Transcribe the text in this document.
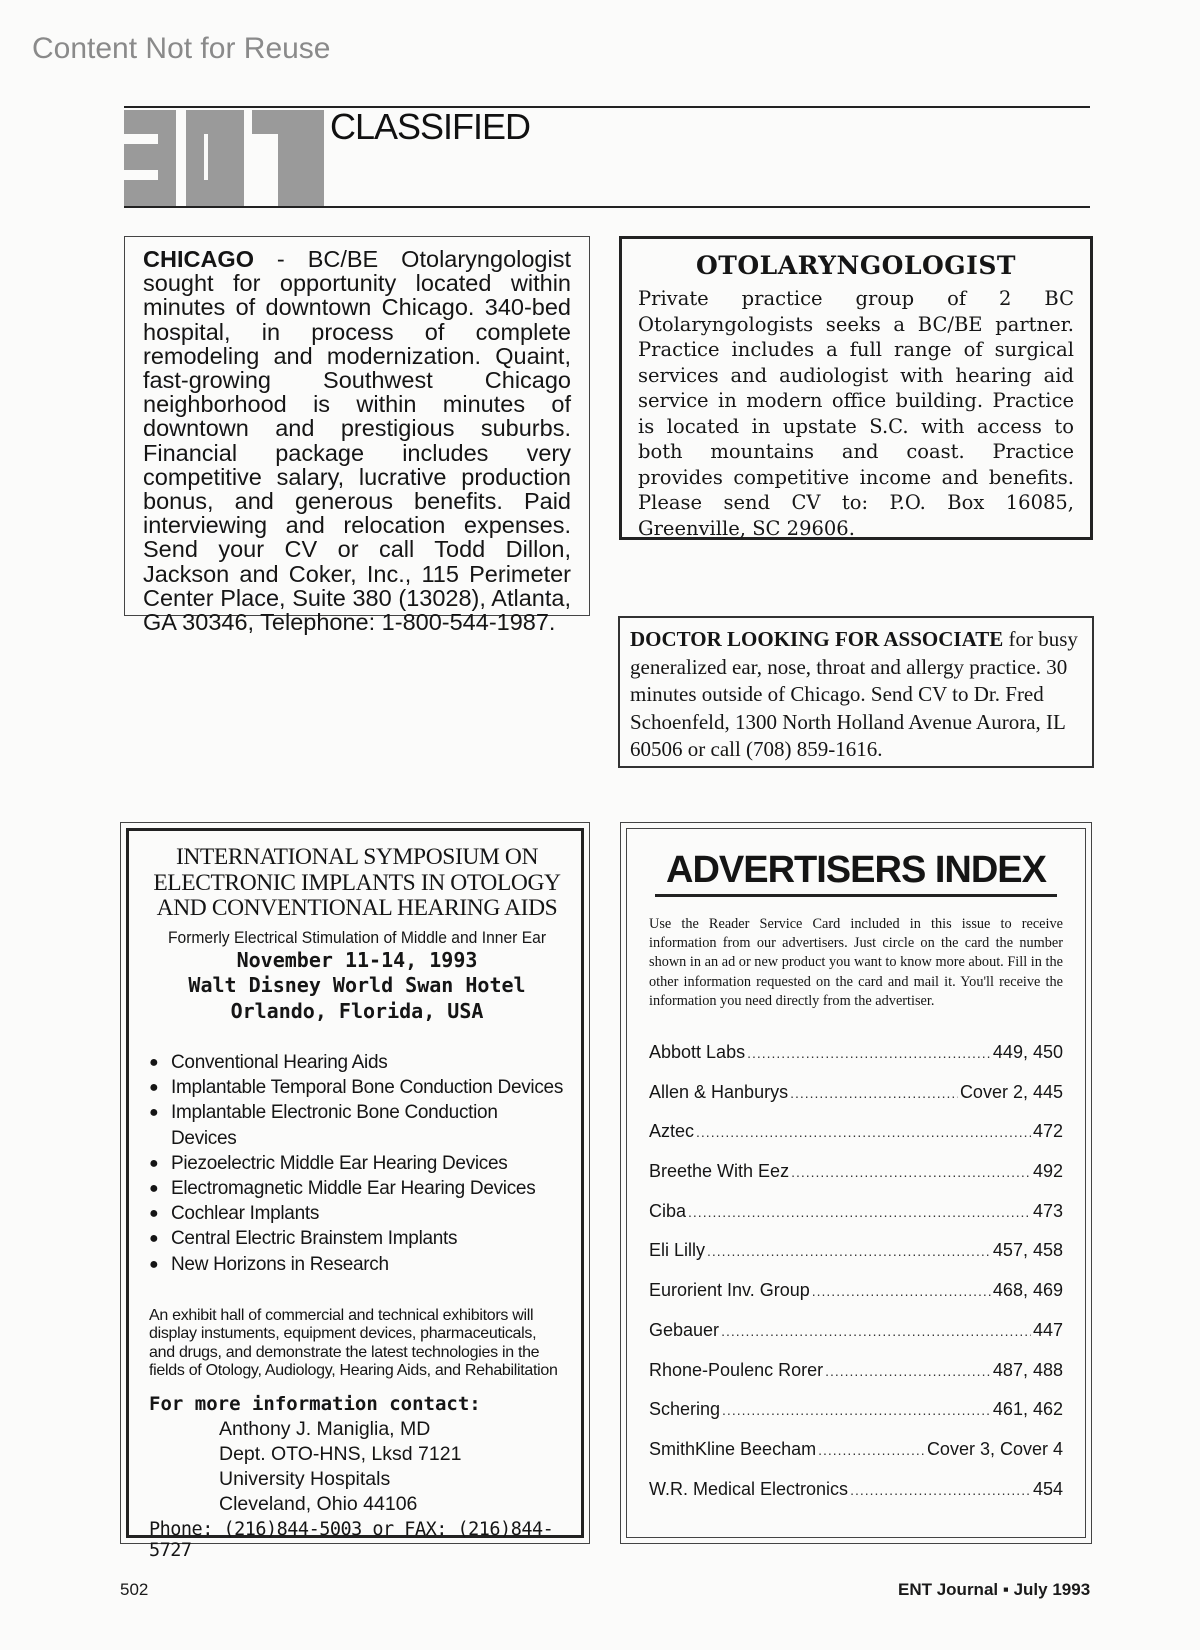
Content Not for Reuse
CLASSIFIED
CHICAGO - BC/BE Otolaryngologist sought for opportunity located within minutes of downtown Chicago. 340-bed hospital, in process of complete remodeling and modernization. Quaint, fast-growing Southwest Chicago neighborhood is within minutes of downtown and prestigious suburbs. Financial package includes very competitive salary, lucrative production bonus, and generous benefits. Paid interviewing and relocation expenses. Send your CV or call Todd Dillon, Jackson and Coker, Inc., 115 Perimeter Center Place, Suite 380 (13028), Atlanta, GA 30346, Telephone: 1-800-544-1987.
OTOLARYNGOLOGIST
Private practice group of 2 BC Otolaryngologists seeks a BC/BE partner. Practice includes a full range of surgical services and audiologist with hearing aid service in modern office building. Practice is located in upstate S.C. with access to both mountains and coast. Practice provides competitive income and benefits. Please send CV to: P.O. Box 16085, Greenville, SC 29606.
DOCTOR LOOKING FOR ASSOCIATE for busy generalized ear, nose, throat and allergy practice. 30 minutes outside of Chicago. Send CV to Dr. Fred Schoenfeld, 1300 North Holland Avenue Aurora, IL 60506 or call (708) 859-1616.
INTERNATIONAL SYMPOSIUM ON ELECTRONIC IMPLANTS IN OTOLOGY AND CONVENTIONAL HEARING AIDS
Formerly Electrical Stimulation of Middle and Inner Ear
November 11-14, 1993
Walt Disney World Swan Hotel
Orlando, Florida, USA
● Conventional Hearing Aids
● Implantable Temporal Bone Conduction Devices
● Implantable Electronic Bone Conduction Devices
● Piezoelectric Middle Ear Hearing Devices
● Electromagnetic Middle Ear Hearing Devices
● Cochlear Implants
● Central Electric Brainstem Implants
● New Horizons in Research
An exhibit hall of commercial and technical exhibitors will display instuments, equipment devices, pharmaceuticals, and drugs, and demonstrate the latest technologies in the fields of Otology, Audiology, Hearing Aids, and Rehabilitation
For more information contact:
Anthony J. Maniglia, MD
Dept. OTO-HNS, Lksd 7121
University Hospitals
Cleveland, Ohio 44106
Phone: (216)844-5003 or FAX: (216)844-5727
ADVERTISERS INDEX
Use the Reader Service Card included in this issue to receive information from our advertisers. Just circle on the card the number shown in an ad or new product you want to know more about. Fill in the other information requested on the card and mail it. You'll receive the information you need directly from the advertiser.
Abbott Labs .....	449, 450
Allen & Hanburys .....	Cover 2, 445
Aztec .....	472
Breethe With Eez .....	492
Ciba .....	473
Eli Lilly .....	457, 458
Eurorient Inv. Group .....	468, 469
Gebauer .....	447
Rhone-Poulenc Rorer .....	487, 488
Schering .....	461, 462
SmithKline Beecham .....	Cover 3, Cover 4
W.R. Medical Electronics .....	454
502	ENT Journal ▪ July 1993
